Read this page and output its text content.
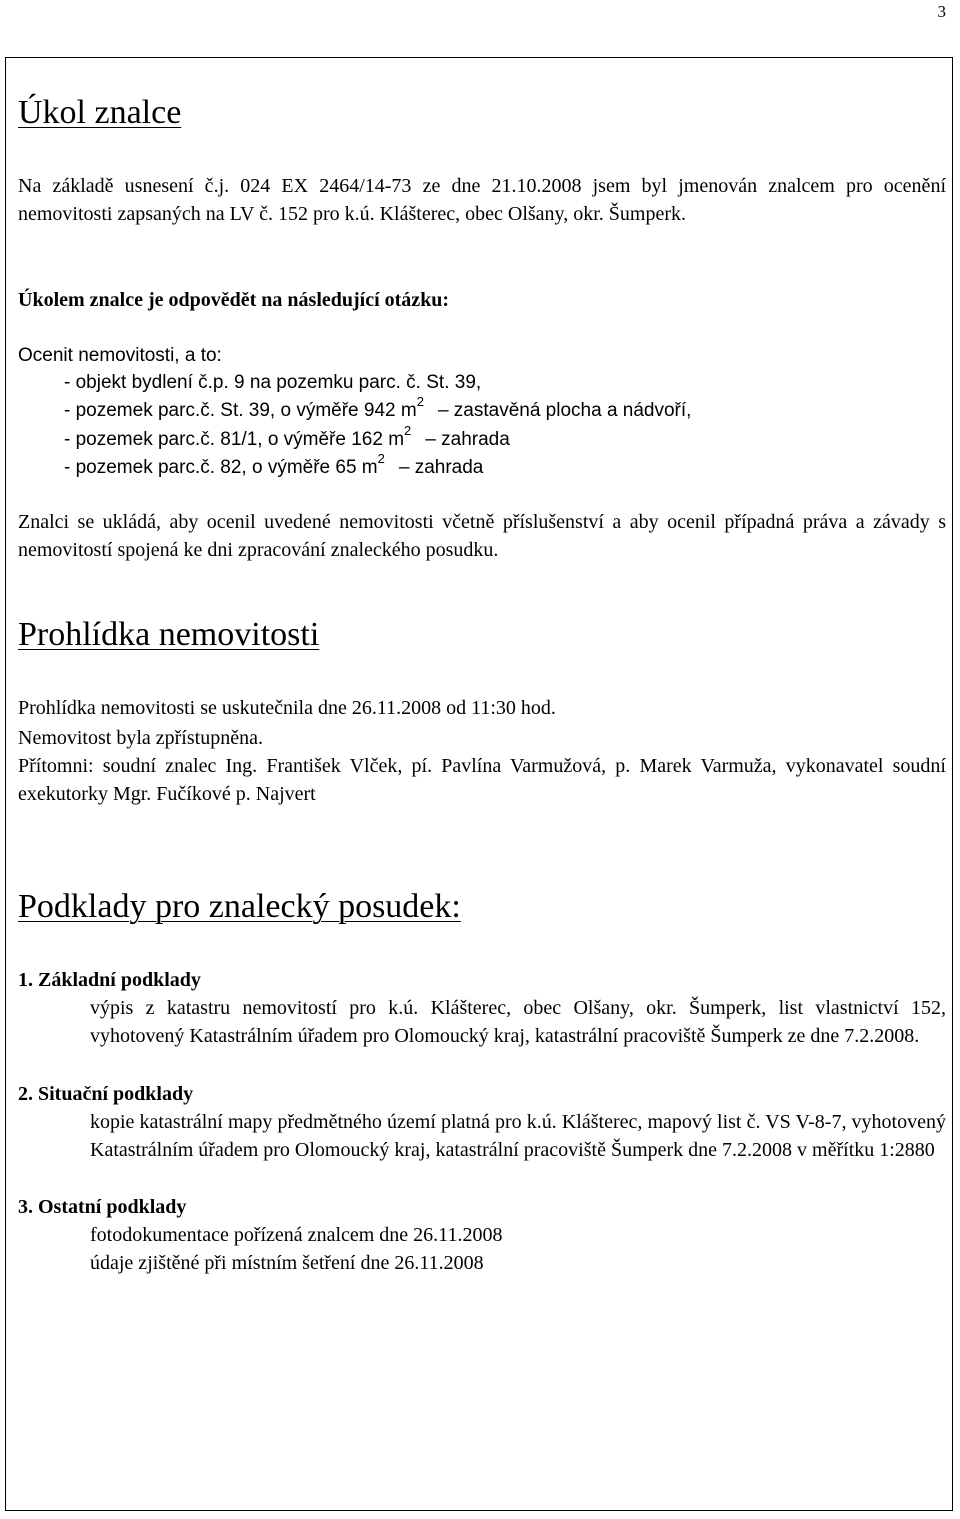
3
Úkol znalce
Na základě usnesení č.j. 024 EX 2464/14-73 ze dne 21.10.2008 jsem byl jmenován znalcem pro ocenění nemovitosti zapsaných na LV č. 152 pro k.ú. Klášterec, obec Olšany, okr. Šumperk.
Úkolem znalce je odpovědět na následující otázku:
Ocenit nemovitosti, a to:
- objekt bydlení č.p. 9 na pozemku parc. č. St. 39,
- pozemek parc.č. St. 39, o výměře 942 $m^2$ – zastavěná plocha a nádvoří,
- pozemek parc.č. 81/1, o výměře 162 $m^2$ – zahrada
- pozemek parc.č. 82, o výměře 65 $m^2$ – zahrada
Znalci se ukládá, aby ocenil uvedené nemovitosti včetně příslušenství a aby ocenil případná práva a závady s nemovitostí spojená ke dni zpracování znaleckého posudku.
Prohlídka nemovitosti
Prohlídka nemovitosti se uskutečnila dne 26.11.2008 od 11:30 hod.
Nemovitost byla zpřístupněna.
Přítomni: soudní znalec Ing. František Vlček, pí. Pavlína Varmužová, p. Marek Varmuža, vykonavatel soudní exekutorky Mgr. Fučíkové p. Najvert
Podklady pro znalecký posudek:
1. Základní podklady
výpis z katastru nemovitostí pro k.ú. Klášterec, obec Olšany, okr. Šumperk, list vlastnictví 152, vyhotovený Katastrálním úřadem pro Olomoucký kraj, katastrální pracoviště Šumperk ze dne 7.2.2008.
2. Situační podklady
kopie katastrální mapy předmětného území platná pro k.ú. Klášterec, mapový list č. VS V-8-7, vyhotovený Katastrálním úřadem pro Olomoucký kraj, katastrální pracoviště Šumperk dne 7.2.2008 v měřítku 1:2880
3. Ostatní podklady
fotodokumentace pořízená znalcem dne 26.11.2008
údaje zjištěné při místním šetření dne 26.11.2008
